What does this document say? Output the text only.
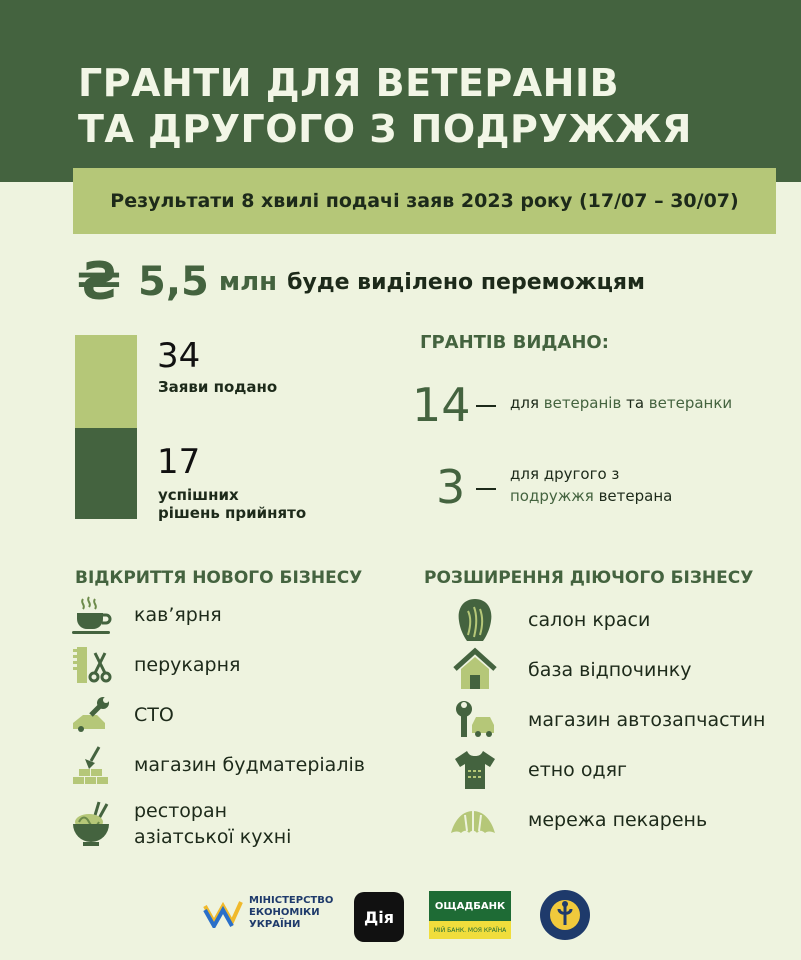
ГРАНТИ ДЛЯ ВЕТЕРАНІВ
ТА ДРУГОГО З ПОДРУЖЖЯ
Результати 8 хвилі подачі заяв 2023 року (17/07 – 30/07)
₴ 5,5 млн буде виділено переможцям
34
Заяви подано
17
успішних
рішень прийнято
ГРАНТІВ ВИДАНО:
14	для ветеранів та ветеранки
3	для другого з
подружжя ветерана
ВІДКРИТТЯ НОВОГО БІЗНЕСУ
кав’ярня
перукарня
СТО
магазин будматеріалів
ресторан
азіатської кухні
РОЗШИРЕННЯ ДІЮЧОГО БІЗНЕСУ
салон краси
база відпочинку
магазин автозапчастин
етно одяг
мережа пекарень
МІНІСТЕРСТВО
ЕКОНОМІКИ
УКРАЇНИ	Дія
ОЩАДБАНК
МІЙ БАНК. МОЯ КРАЇНА
